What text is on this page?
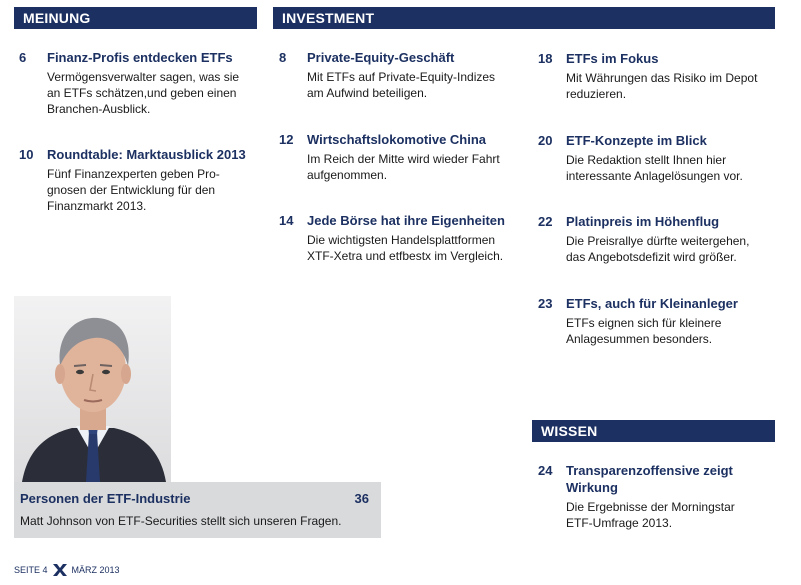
MEINUNG	INVESTMENT
WISSEN
6	Finanz-Profis entdecken ETFs
Vermögensverwalter sagen, was sie
an ETFs schätzen,und geben einen
Branchen-Ausblick.
10	Roundtable: Marktausblick 2013
Fünf Finanzexperten geben Pro-
gnosen der Entwicklung für den
Finanzmarkt 2013.
8	Private-Equity-Geschäft
Mit ETFs auf Private-Equity-Indizes
am Aufwind beteiligen.
12	Wirtschaftslokomotive China
Im Reich der Mitte wird wieder Fahrt
aufgenommen.
14	Jede Börse hat ihre Eigenheiten
Die wichtigsten Handelsplattformen
XTF-Xetra und etfbestx im Vergleich.
18	ETFs im Fokus
Mit Währungen das Risiko im Depot
reduzieren.
20	ETF-Konzepte im Blick
Die Redaktion stellt Ihnen hier
interessante Anlagelösungen vor.
22	Platinpreis im Höhenflug
Die Preisrallye dürfte weitergehen,
das Angebotsdefizit wird größer.
23	ETFs, auch für Kleinanleger
ETFs eignen sich für kleinere
Anlagesummen besonders.
24	Transparenzoffensive zeigt
Wirkung
Die Ergebnisse der Morningstar
ETF-Umfrage 2013.
Personen der ETF-Industrie	36
Matt Johnson von ETF-Securities stellt sich unseren Fragen.
SEITE 4	MÄRZ 2013
